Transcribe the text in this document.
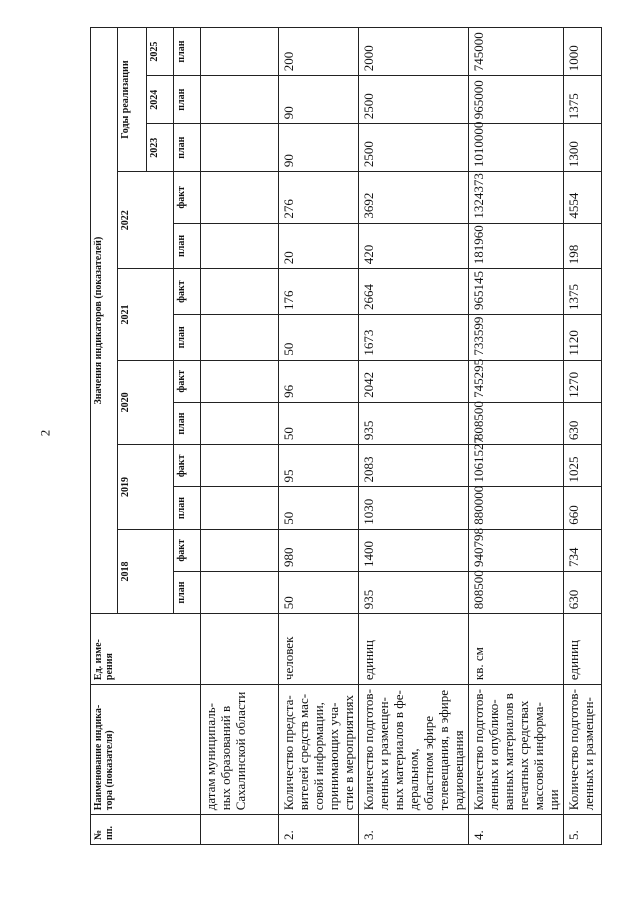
2
№ пп.	Наименование индика-тора (показателя)	Ед. изме-рения	Значения индикаторов (показателей)												
			2018		2019		2020		2021		2022		Годы реализации		
													2023	2024	2025
			план	факт	план	факт	план	факт	план	факт	план	факт	план	план	план
	датам муниципаль-ных образований в Сахалинской области														
2.	Количество предста-вителей средств мас-совой информации, принимающих уча-стие в мероприятиях	человек	50	980	50	95	50	96	50	176	20	276	90	90	200
3.	Количество подготов-ленных и размещен-ных материалов в фе-деральном, областном эфире телевещания, в эфире радиовещания	единиц	935	1400	1030	2083	935	2042	1673	2664	420	3692	2500	2500	2000
4.	Количество подготов-ленных и опублико-ванных материалов в печатных средствах массовой информа-ции	кв. см	808500	940798	880000	1061527	808500	745295	733599	965145	181960	1324373	1010000	965000	745000
5.	Количество подготов-ленных и размещен-	единиц	630	734	660	1025	630	1270	1120	1375	198	4554	1300	1375	1000
